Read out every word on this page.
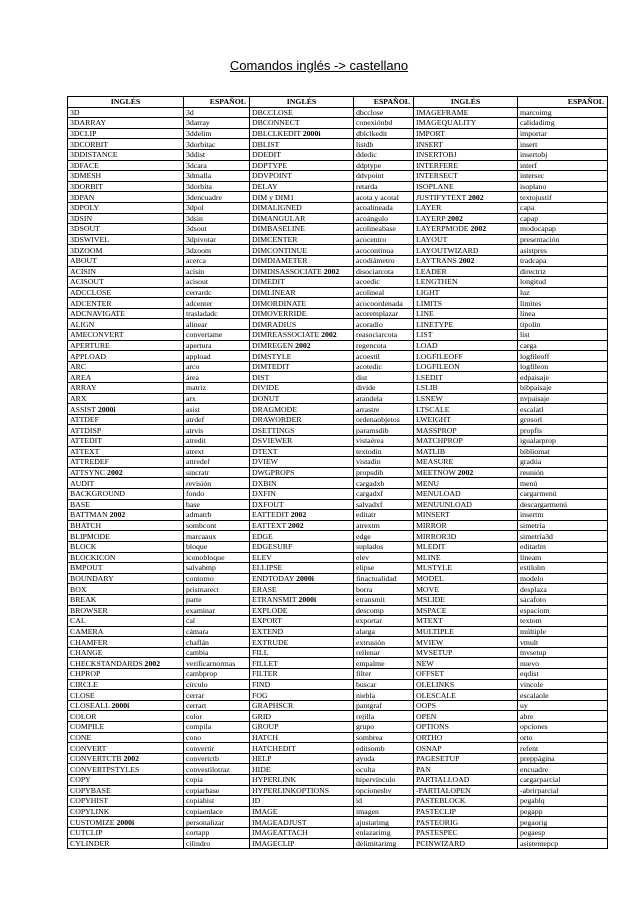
Comandos inglés -> castellano
INGLÉS	ESPAÑOL	INGLÉS	ESPAÑOL	INGLÉS	ESPAÑOL
3D	3d	DBCCLOSE	dbcclose	IMAGEFRAME	marcoimg
3DARRAY	3darray	DBCONNECT	conexiónbd	IMAGEQUALITY	calidadimg
3DCLIP	3ddelim	DBLCLKEDIT 2000i	dblclkedit	IMPORT	importar
3DCORBIT	3dorbitac	DBLIST	listdb	INSERT	insert
3DDISTANCE	3ddist	DDEDIT	ddedic	INSERTOBJ	insertobj
3DFACE	3dcara	DDPTYPE	ddptype	INTERFERE	interf
3DMESH	3dmalla	DDVPOINT	ddvpoint	INTERSECT	intersec
3DORBIT	3dorbita	DELAY	retarda	ISOPLANE	isoplano
3DPAN	3dencuadre	DIM y DIM1	acota y acotal	JUSTIFYTEXT 2002	textojustif
3DPOLY	3dpol	DIMALIGNED	acoalineada	LAYER	capa
3DSIN	3dsin	DIMANGULAR	acoángulo	LAYERP 2002	capap
3DSOUT	3dsout	DIMBASELINE	acolineabase	LAYERPMODE 2002	modocapap
3DSWIVEL	3dpivotar	DIMCENTER	acocentro	LAYOUT	presentación
3DZOOM	3dzoom	DIMCONTINUE	acocontinua	LAYOUTWIZARD	asistpres
ABOUT	acerca	DIMDIAMETER	acodiámetro	LAYTRANS 2002	tradcapa
ACISIN	acisin	DIMDISASSOCIATE 2002	disociarcota	LEADER	directriz
ACISOUT	acisout	DIMEDIT	acoedic	LENGTHEN	longitud
ADCCLOSE	cerrardc	DIMLINEAR	acolineal	LIGHT	luz
ADCENTER	adcenter	DIMORDINATE	acocoordenada	LIMITS	límites
ADCNAVIGATE	trasladadc	DIMOVERRIDE	acoremplazar	LINE	línea
ALIGN	alinear	DIMRADIUS	acoradio	LINETYPE	tipolín
AMECONVERT	convertame	DIMREASSOCIATE 2002	reasociarcota	LIST	list
APERTURE	apertura	DIMREGEN 2002	regencota	LOAD	carga
APPLOAD	appload	DIMSTYLE	acoestil	LOGFILEOFF	logfileoff
ARC	arco	DIMTEDIT	acotedic	LOGFILEON	logfileon
AREA	área	DIST	dist	LSEDIT	edpaisaje
ARRAY	matriz	DIVIDE	divide	LSLIB	bibpaisaje
ARX	arx	DONUT	arandela	LSNEW	nvpaisaje
ASSIST 2000i	asist	DRAGMODE	arrastre	LTSCALE	escalatl
ATTDEF	atrdef	DRAWORDER	ordenaobjetos	LWEIGHT	grosorl
ATTDISP	atrvis	DSETTINGS	paramsdib	MASSPROP	propfis
ATTEDIT	atredit	DSVIEWER	vistaérea	MATCHPROP	igualarprop
ATTEXT	atrext	DTEXT	textodin	MATLIB	bibliomat
ATTREDEF	attredef	DVIEW	vistadin	MEASURE	gradúa
ATTSYNC 2002	sincratr	DWGPROPS	propsdib	MEETNOW 2002	reunión
AUDIT	revisión	DXBIN	cargadxb	MENU	menú
BACKGROUND	fondo	DXFIN	cargadxf	MENULOAD	cargarmenú
BASE	base	DXFOUT	salvadxf	MENUUNLOAD	descargarmenú
BATTMAN 2002	admatrb	EATTEDIT 2002	editatr	MINSERT	insertm
BHATCH	sombcont	EATTEXT 2002	atrextm	MIRROR	simetría
BLIPMODE	marcaaux	EDGE	edge	MIRROR3D	simetría3d
BLOCK	bloque	EDGESURF	suplados	MLEDIT	editarlm
BLOCKICON	iconobloque	ELEV	elev	MLINE	líneam
BMPOUT	salvabmp	ELLIPSE	elipse	MLSTYLE	estilolm
BOUNDARY	contorno	ENDTODAY 2000i	finactualidad	MODEL	modelo
BOX	prismarect	ERASE	borra	MOVE	desplaza
BREAK	parte	ETRANSMIT 2000i	etransmit	MSLIDE	sacafoto
BROWSER	examinar	EXPLODE	descomp	MSPACE	espaciom
CAL	cal	EXPORT	exportar	MTEXT	textom
CAMERA	cámara	EXTEND	alarga	MULTIPLE	múltiple
CHAMFER	chaflán	EXTRUDE	extrusión	MVIEW	vmult
CHANGE	cambia	FILL	rellenar	MVSETUP	mvsetup
CHECKSTANDARDS 2002	verificarnormas	FILLET	empalme	NEW	nuevo
CHPROP	cambprop	FILTER	filter	OFFSET	eqdist
CIRCLE	círculo	FIND	buscar	OLELINKS	vincole
CLOSE	cerrar	FOG	niebla	OLESCALE	escalaole
CLOSEALL 2000i	cerrart	GRAPHSCR	pantgraf	OOPS	uy
COLOR	color	GRID	rejilla	OPEN	abre
COMPILE	compila	GROUP	grupo	OPTIONS	opciones
CONE	cono	HATCH	sombrea	ORTHO	orto
CONVERT	convertir	HATCHEDIT	editsomb	OSNAP	refent
CONVERTCTB 2002	convertctb	HELP	ayuda	PAGESETUP	preppágina
CONVERTPSTYLES	convestilotraz	HIDE	oculta	PAN	encuadre
COPY	copia	HYPERLINK	hipervínculo	PARTIALLOAD	cargarparcial
COPYBASE	copiarbase	HYPERLINKOPTIONS	opcioneshv	-PARTIALOPEN	-abrirparcial
COPYHIST	copiahist	ID	id	PASTEBLOCK	pegablq
COPYLINK	copiaenlace	IMAGE	imagen	PASTECLIP	pegapp
CUSTOMIZE 2000i	personalizar	IMAGEADJUST	ajustarimg	PASTEORIG	pegaorig
CUTCLIP	cortapp	IMAGEATTACH	enlazarimg	PASTESPEC	pegaesp
CYLINDER	cilindro	IMAGECLIP	delimitarimg	PCINWIZARD	asistentepcp
